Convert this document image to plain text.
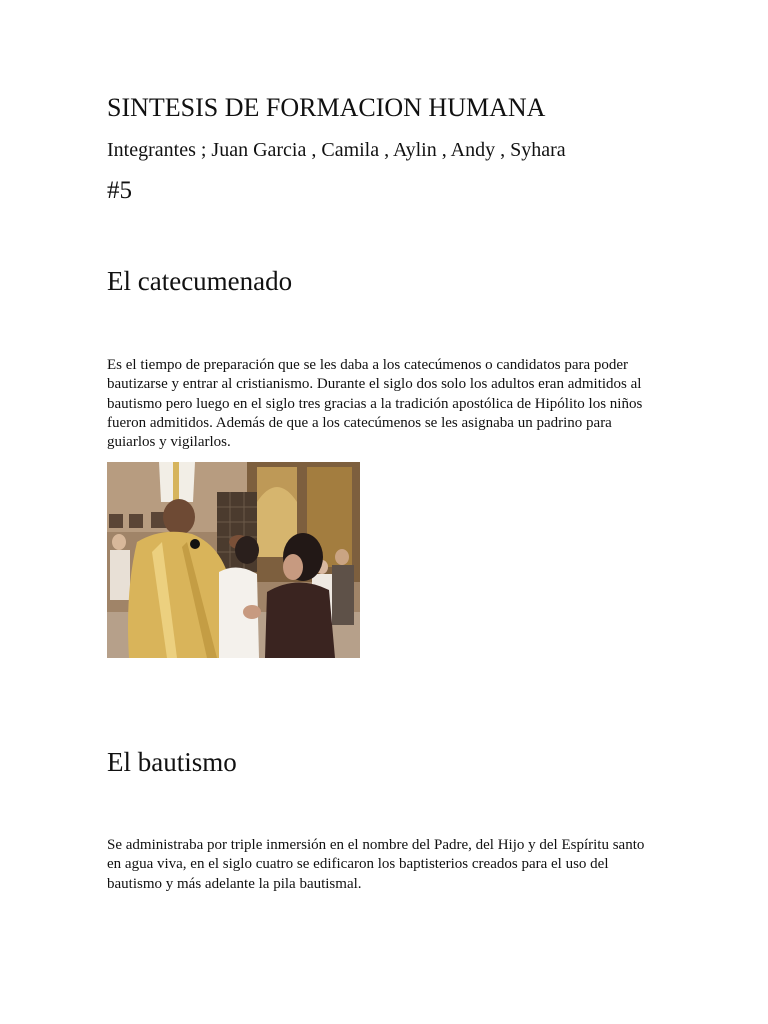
SINTESIS DE FORMACION HUMANA

Integrantes ; Juan Garcia , Camila , Aylin , Andy , Syhara

#5

El catecumenado

Es el tiempo de preparación que se les daba a los catecúmenos o candidatos para poder bautizarse y entrar al cristianismo. Durante el siglo dos solo los adultos eran admitidos al bautismo pero luego en el siglo tres gracias a la tradición apostólica de Hipólito los niños fueron admitidos. Además de que a los catecúmenos se les asignaba un padrino para guiarlos y vigilarlos.

El bautismo

Se administraba por triple inmersión en el nombre del Padre, del Hijo y del Espíritu santo en agua viva, en el siglo cuatro se edificaron los baptisterios creados para el uso del bautismo y más adelante la pila bautismal.
